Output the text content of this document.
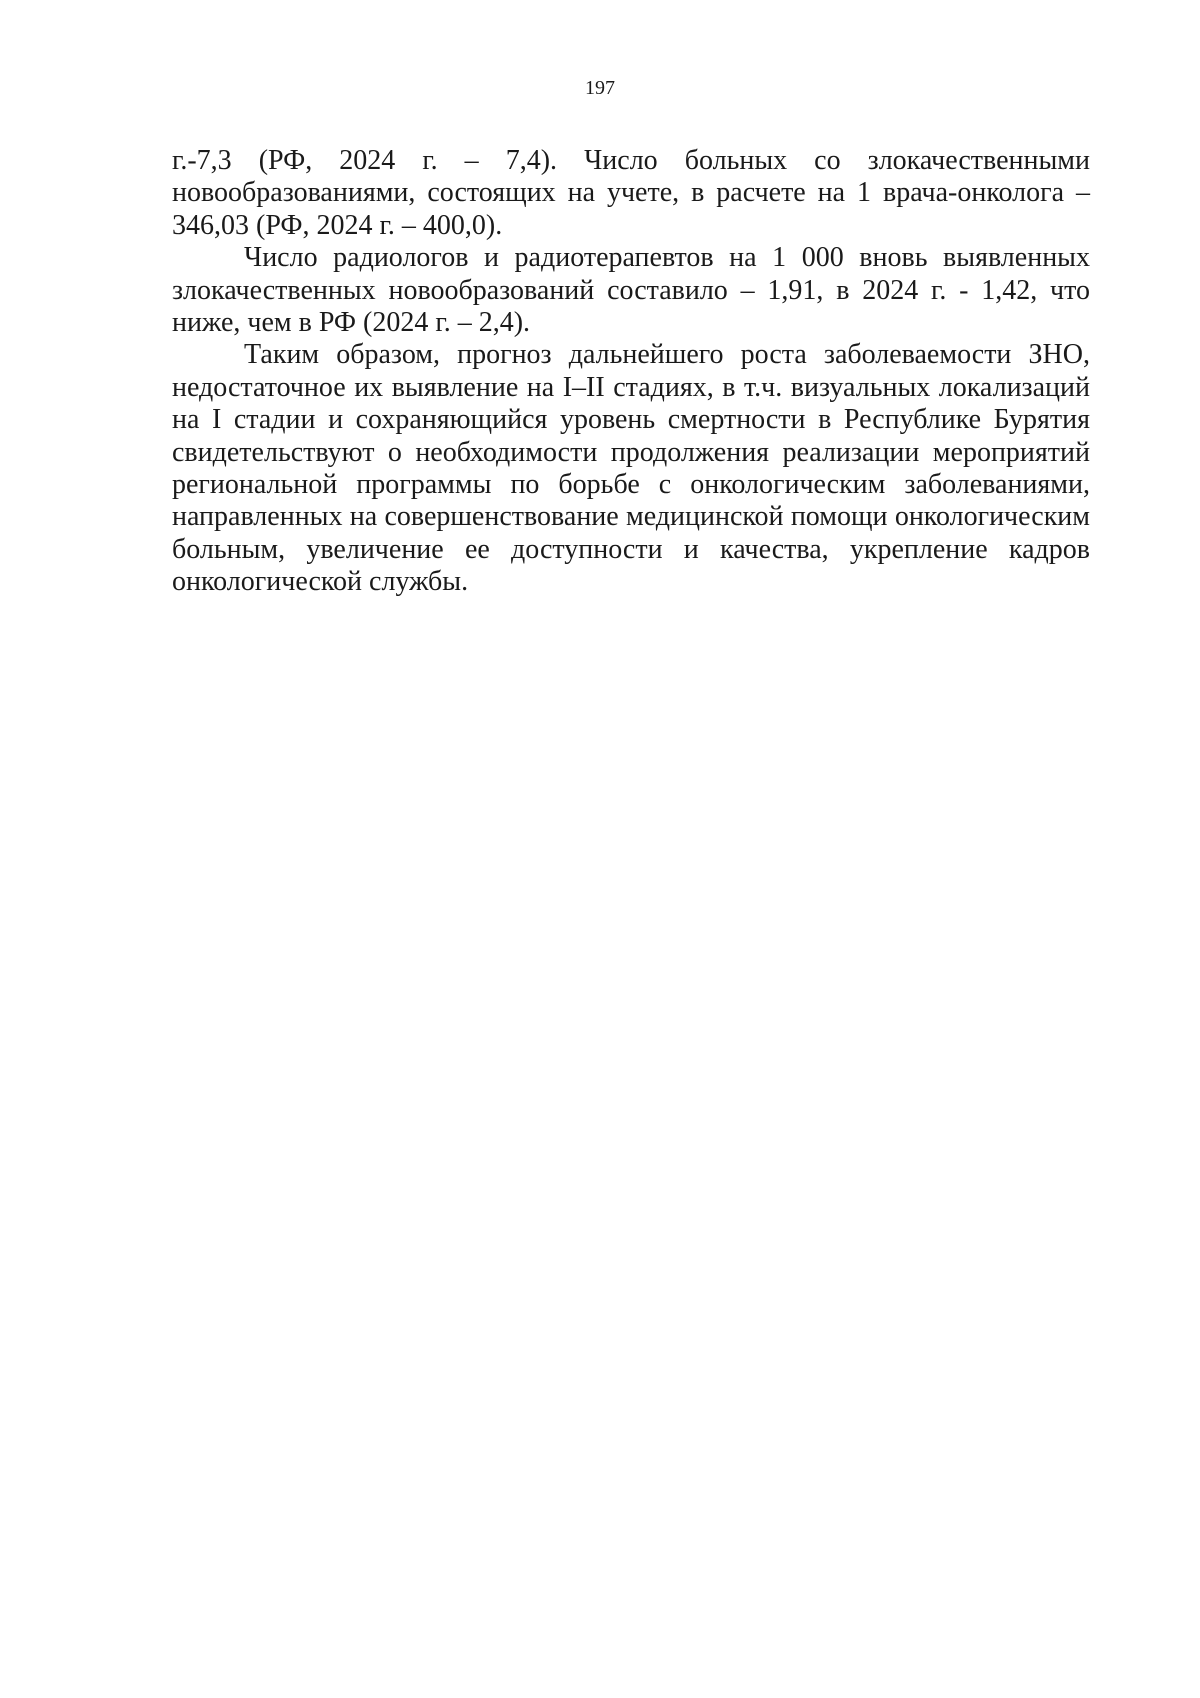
197

г.-7,3 (РФ, 2024 г. – 7,4). Число больных со злокачественными новообразованиями, состоящих на учете, в расчете на 1 врача-онколога – 346,03 (РФ, 2024 г. – 400,0).

Число радиологов и радиотерапевтов на 1 000 вновь выявленных злокачественных новообразований составило – 1,91, в 2024 г. - 1,42, что ниже, чем в РФ (2024 г. – 2,4).

Таким образом, прогноз дальнейшего роста заболеваемости ЗНО, недостаточное их выявление на I–II стадиях, в т.ч. визуальных локализаций на I стадии и сохраняющийся уровень смертности в Республике Бурятия свидетельствуют о необходимости продолжения реализации мероприятий региональной программы по борьбе с онкологическим заболеваниями, направленных на совершенствование медицинской помощи онкологическим больным, увеличение ее доступности и качества, укрепление кадров онкологической службы.
